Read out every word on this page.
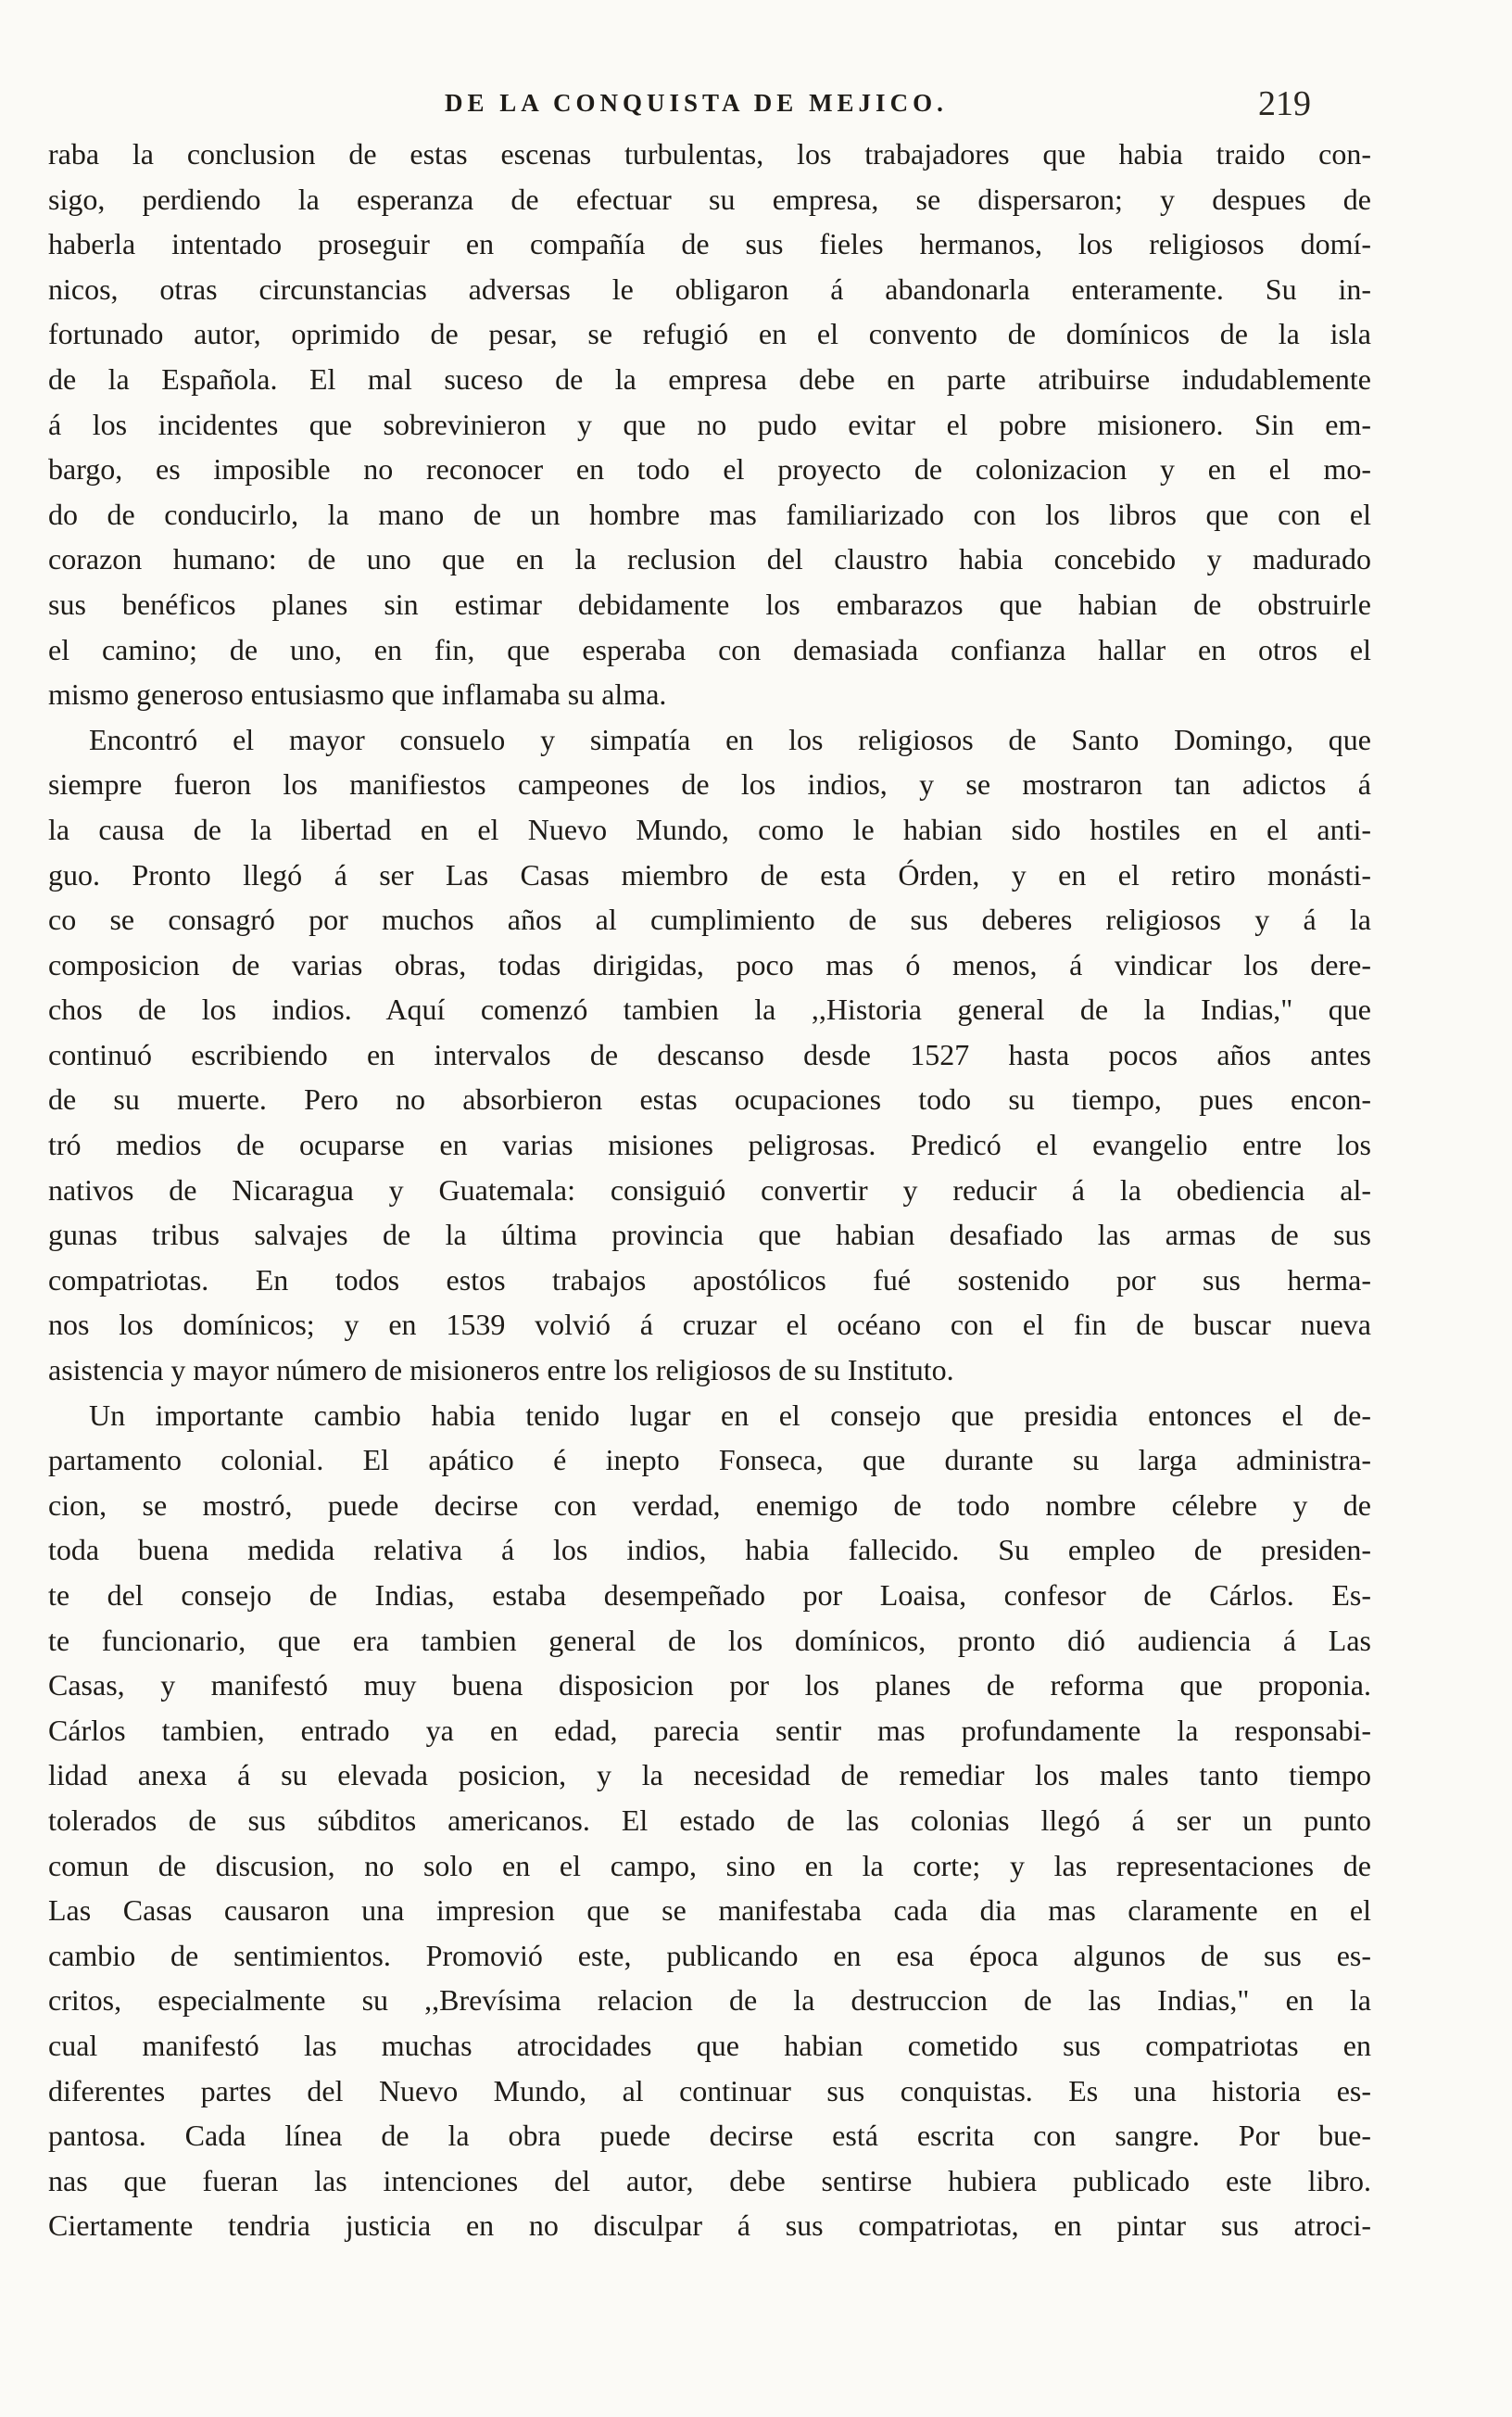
DE LA CONQUISTA DE MEJICO.	219
raba la conclusion de estas escenas turbulentas, los trabajadores que habia traido con-
sigo, perdiendo la esperanza de efectuar su empresa, se dispersaron; y despues de
haberla intentado proseguir en compañía de sus fieles hermanos, los religiosos domí-
nicos, otras circunstancias adversas le obligaron á abandonarla enteramente. Su in-
fortunado autor, oprimido de pesar, se refugió en el convento de domínicos de la isla
de la Española. El mal suceso de la empresa debe en parte atribuirse indudablemente
á los incidentes que sobrevinieron y que no pudo evitar el pobre misionero. Sin em-
bargo, es imposible no reconocer en todo el proyecto de colonizacion y en el mo-
do de conducirlo, la mano de un hombre mas familiarizado con los libros que con el
corazon humano: de uno que en la reclusion del claustro habia concebido y madurado
sus benéficos planes sin estimar debidamente los embarazos que habian de obstruirle
el camino; de uno, en fin, que esperaba con demasiada confianza hallar en otros el
mismo generoso entusiasmo que inflamaba su alma.
Encontró el mayor consuelo y simpatía en los religiosos de Santo Domingo, que
siempre fueron los manifiestos campeones de los indios, y se mostraron tan adictos á
la causa de la libertad en el Nuevo Mundo, como le habian sido hostiles en el anti-
guo. Pronto llegó á ser Las Casas miembro de esta Órden, y en el retiro monásti-
co se consagró por muchos años al cumplimiento de sus deberes religiosos y á la
composicion de varias obras, todas dirigidas, poco mas ó menos, á vindicar los dere-
chos de los indios. Aquí comenzó tambien la ,,Historia general de la Indias," que
continuó escribiendo en intervalos de descanso desde 1527 hasta pocos años antes
de su muerte. Pero no absorbieron estas ocupaciones todo su tiempo, pues encon-
tró medios de ocuparse en varias misiones peligrosas. Predicó el evangelio entre los
nativos de Nicaragua y Guatemala: consiguió convertir y reducir á la obediencia al-
gunas tribus salvajes de la última provincia que habian desafiado las armas de sus
compatriotas. En todos estos trabajos apostólicos fué sostenido por sus herma-
nos los domínicos; y en 1539 volvió á cruzar el océano con el fin de buscar nueva
asistencia y mayor número de misioneros entre los religiosos de su Instituto.
Un importante cambio habia tenido lugar en el consejo que presidia entonces el de-
partamento colonial. El apático é inepto Fonseca, que durante su larga administra-
cion, se mostró, puede decirse con verdad, enemigo de todo nombre célebre y de
toda buena medida relativa á los indios, habia fallecido. Su empleo de presiden-
te del consejo de Indias, estaba desempeñado por Loaisa, confesor de Cárlos. Es-
te funcionario, que era tambien general de los domínicos, pronto dió audiencia á Las
Casas, y manifestó muy buena disposicion por los planes de reforma que proponia.
Cárlos tambien, entrado ya en edad, parecia sentir mas profundamente la responsabi-
lidad anexa á su elevada posicion, y la necesidad de remediar los males tanto tiempo
tolerados de sus súbditos americanos. El estado de las colonias llegó á ser un punto
comun de discusion, no solo en el campo, sino en la corte; y las representaciones de
Las Casas causaron una impresion que se manifestaba cada dia mas claramente en el
cambio de sentimientos. Promovió este, publicando en esa época algunos de sus es-
critos, especialmente su ,,Brevísima relacion de la destruccion de las Indias," en la
cual manifestó las muchas atrocidades que habian cometido sus compatriotas en
diferentes partes del Nuevo Mundo, al continuar sus conquistas. Es una historia es-
pantosa. Cada línea de la obra puede decirse está escrita con sangre. Por bue-
nas que fueran las intenciones del autor, debe sentirse hubiera publicado este libro.
Ciertamente tendria justicia en no disculpar á sus compatriotas, en pintar sus atroci-
